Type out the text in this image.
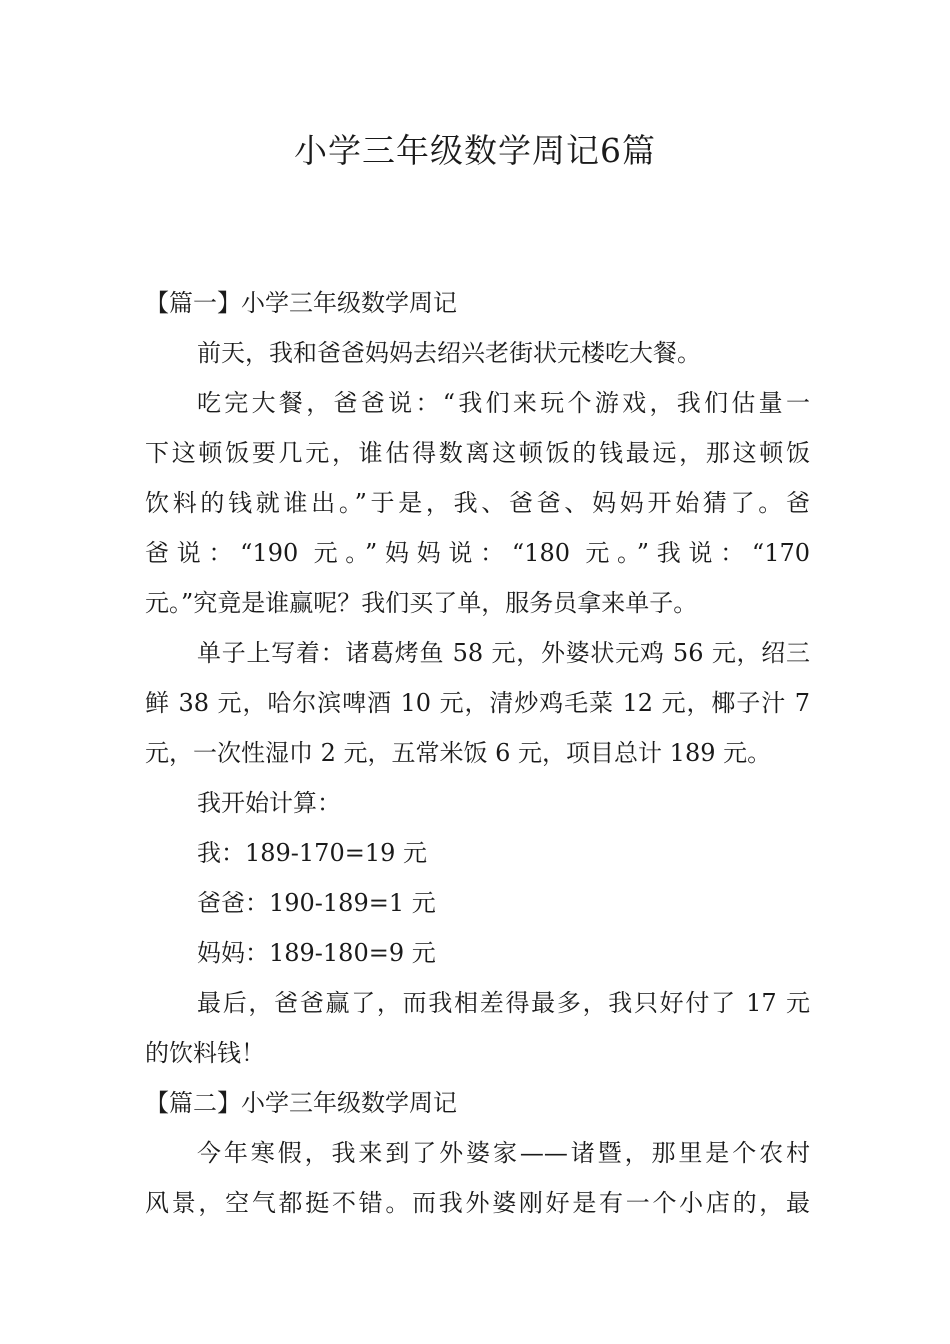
小学三年级数学周记6篇

【篇一】小学三年级数学周记

前天，我和爸爸妈妈去绍兴老街状元楼吃大餐。

吃完大餐，爸爸说：“我们来玩个游戏，我们估量一

下这顿饭要几元，谁估得数离这顿饭的钱最远，那这顿饭

饮料的钱就谁出。”于是，我、爸爸、妈妈开始猜了。爸

爸说：“190 元。”妈妈说：“180 元。”我说：“170

元。”究竟是谁赢呢？我们买了单，服务员拿来单子。

单子上写着：诸葛烤鱼 58 元，外婆状元鸡 56 元，绍三

鲜 38 元，哈尔滨啤酒 10 元，清炒鸡毛菜 12 元，椰子汁 7

元，一次性湿巾 2 元，五常米饭 6 元，项目总计 189 元。

我开始计算：

我：189-170=19 元

爸爸：190-189=1 元

妈妈：189-180=9 元

最后，爸爸赢了，而我相差得最多，我只好付了 17 元

的饮料钱！

【篇二】小学三年级数学周记

今年寒假，我来到了外婆家——诸暨，那里是个农村

风景，空气都挺不错。而我外婆刚好是有一个小店的，最
